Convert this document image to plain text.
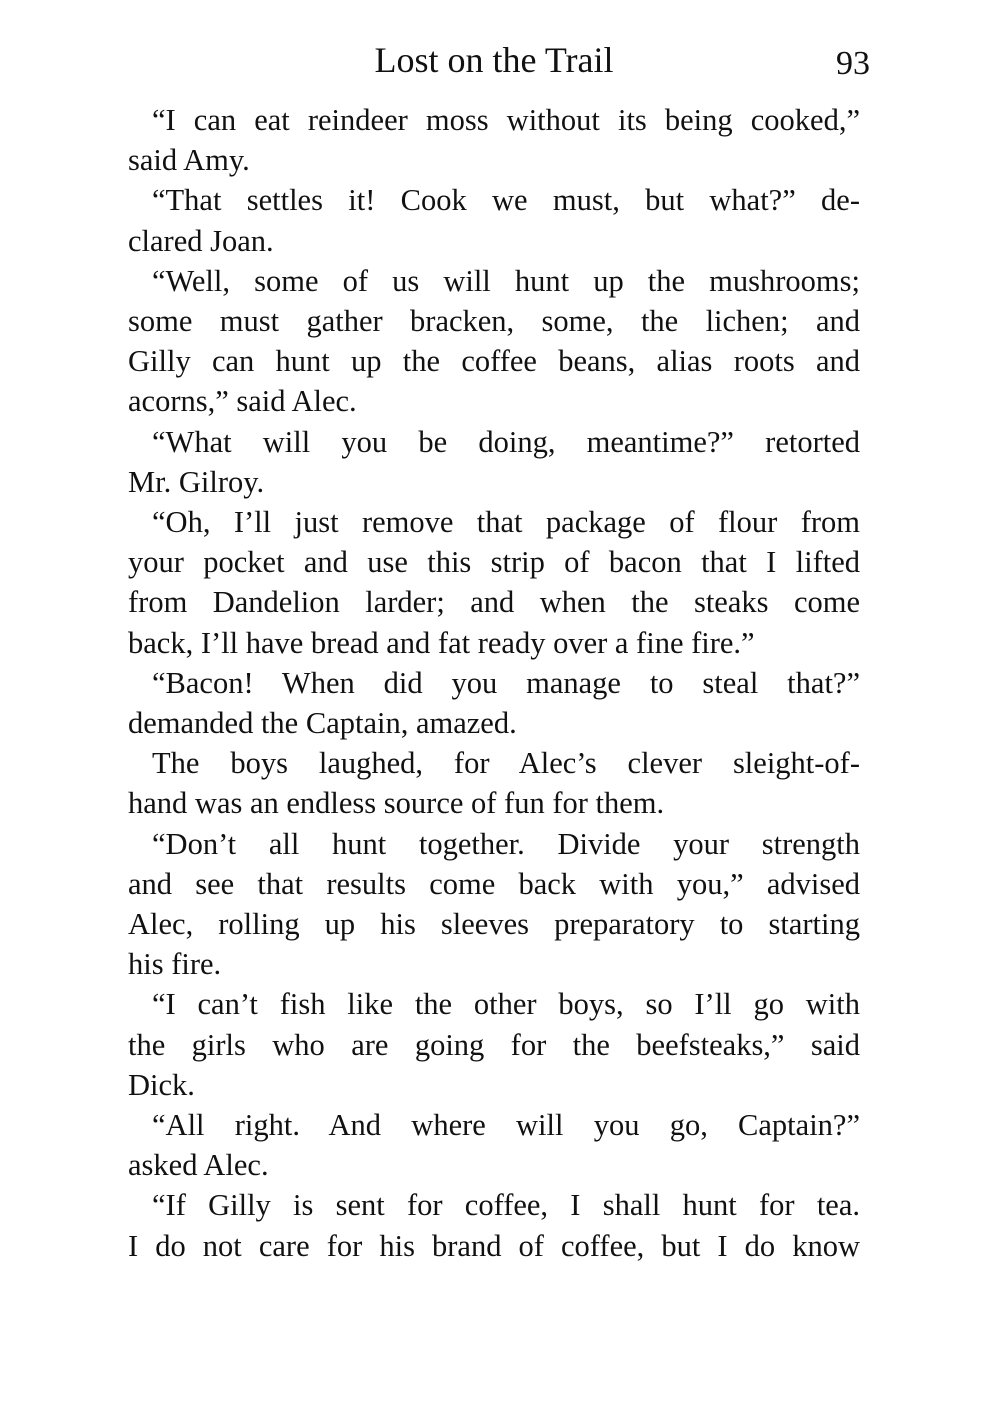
Lost on the Trail	93
“I can eat reindeer moss without its being cooked,”
said Amy.
“That settles it! Cook we must, but what?” de-
clared Joan.
“Well, some of us will hunt up the mushrooms;
some must gather bracken, some, the lichen; and
Gilly can hunt up the coffee beans, alias roots and
acorns,” said Alec.
“What will you be doing, meantime?” retorted
Mr. Gilroy.
“Oh, I’ll just remove that package of flour from
your pocket and use this strip of bacon that I lifted
from Dandelion larder; and when the steaks come
back, I’ll have bread and fat ready over a fine fire.”
“Bacon! When did you manage to steal that?”
demanded the Captain, amazed.
The boys laughed, for Alec’s clever sleight-of-
hand was an endless source of fun for them.
“Don’t all hunt together. Divide your strength
and see that results come back with you,” advised
Alec, rolling up his sleeves preparatory to starting
his fire.
“I can’t fish like the other boys, so I’ll go with
the girls who are going for the beefsteaks,” said
Dick.
“All right. And where will you go, Captain?”
asked Alec.
“If Gilly is sent for coffee, I shall hunt for tea.
I do not care for his brand of coffee, but I do know
